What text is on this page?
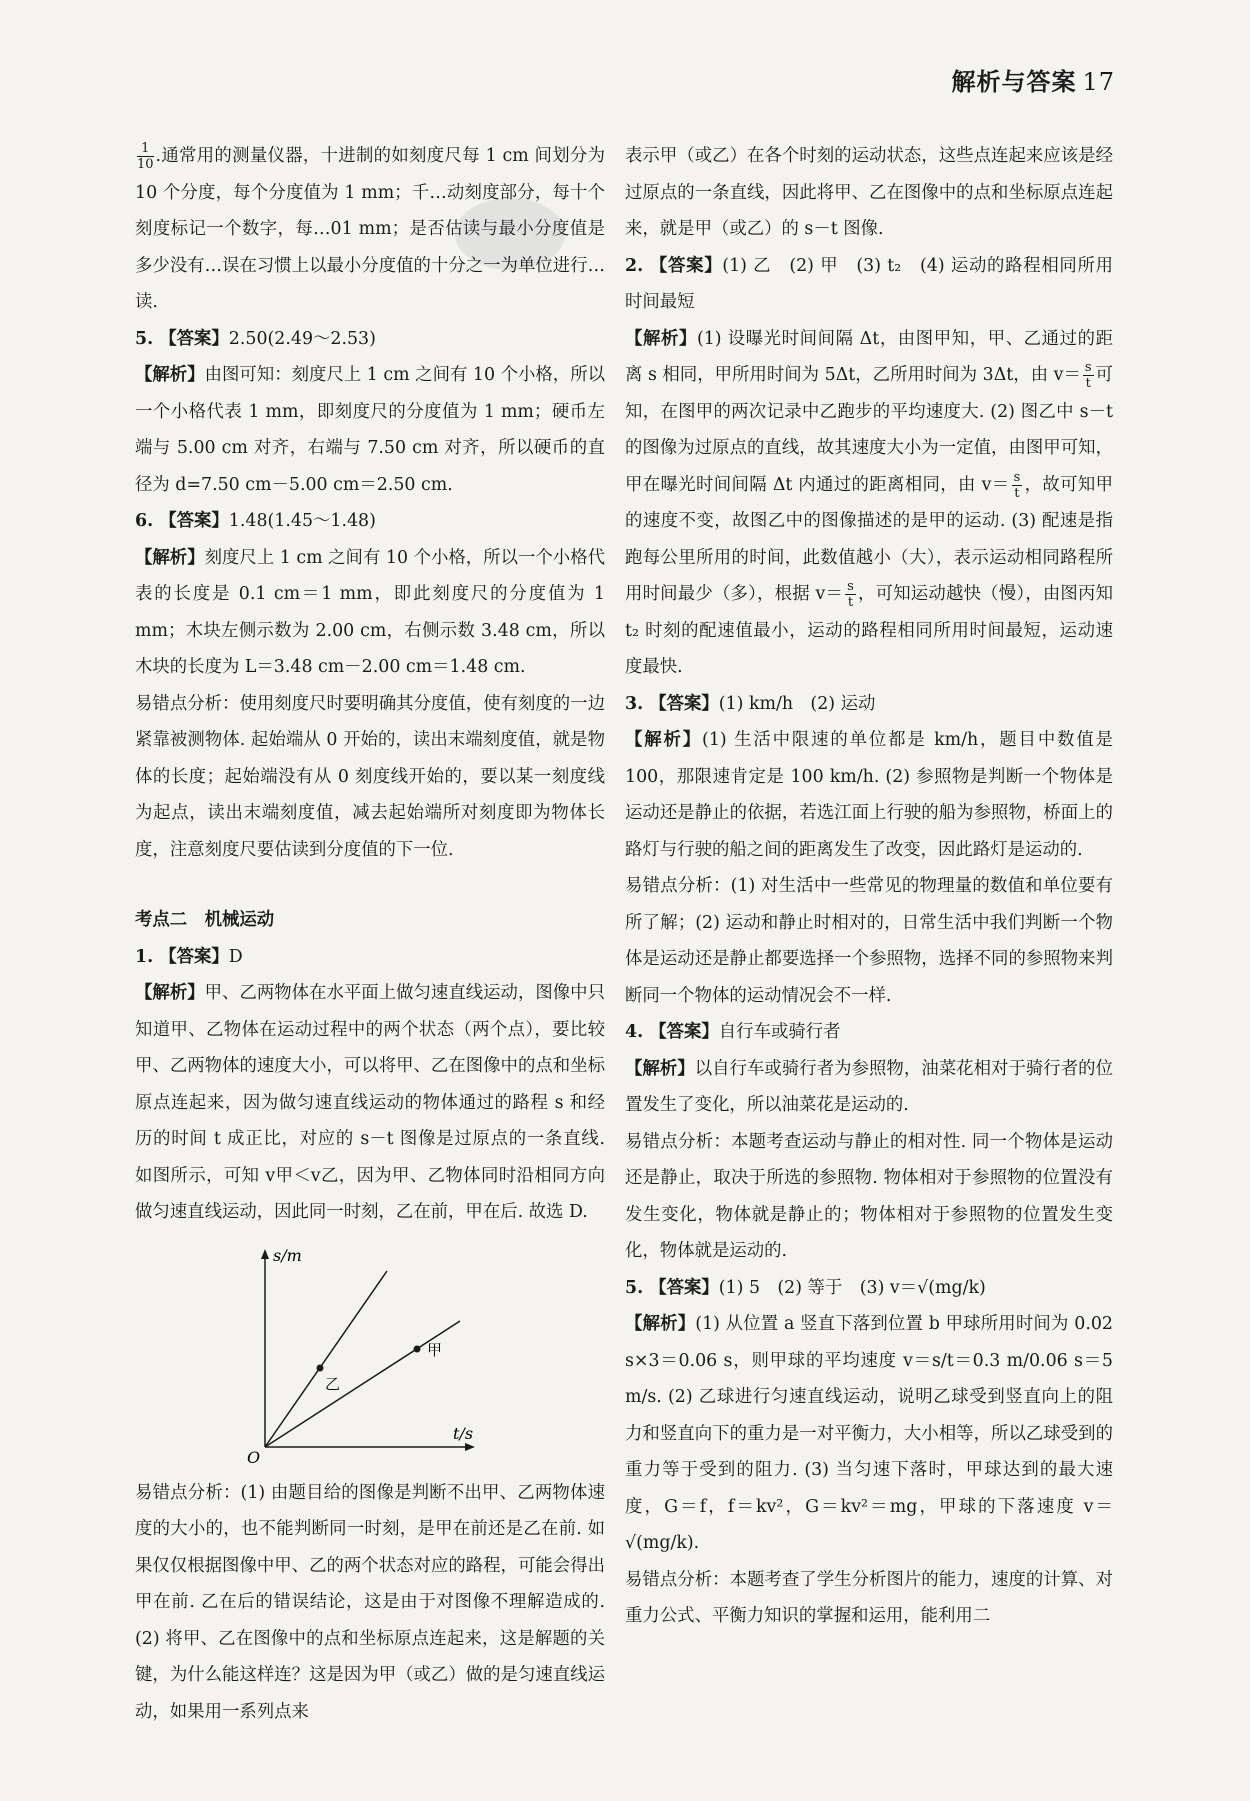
解析与答案 17

$\frac{1}{10}$ .通常用的测量仪器，十进制的如刻度尺每 1 cm 间划分为 10 个分度，每个分度值为 1 mm；千…动刻度部分，每十个刻度标记一个数字，每…01 mm；是否估读与最小分度值是多少没有…误在习惯上以最小分度值的十分之一为单位进行…读.

5. 【答案】2.50(2.49～2.53)

【解析】由图可知：刻度尺上 1 cm 之间有 10 个小格，所以一个小格代表 1 mm，即刻度尺的分度值为 1 mm；硬币左端与 5.00 cm 对齐，右端与 7.50 cm 对齐，所以硬币的直径为 d=7.50 cm－5.00 cm＝2.50 cm.

6. 【答案】1.48(1.45～1.48)

【解析】刻度尺上 1 cm 之间有 10 个小格，所以一个小格代表的长度是 0.1 cm＝1 mm，即此刻度尺的分度值为 1 mm；木块左侧示数为 2.00 cm，右侧示数 3.48 cm，所以木块的长度为 L＝3.48 cm－2.00 cm＝1.48 cm.

易错点分析：使用刻度尺时要明确其分度值，使有刻度的一边紧靠被测物体. 起始端从 0 开始的，读出末端刻度值，就是物体的长度；起始端没有从 0 刻度线开始的，要以某一刻度线为起点，读出末端刻度值，减去起始端所对刻度即为物体长度，注意刻度尺要估读到分度值的下一位.

考点二　机械运动

1. 【答案】D

【解析】甲、乙两物体在水平面上做匀速直线运动，图像中只知道甲、乙物体在运动过程中的两个状态（两个点），要比较甲、乙两物体的速度大小，可以将甲、乙在图像中的点和坐标原点连起来，因为做匀速直线运动的物体通过的路程 s 和经历的时间 t 成正比，对应的 s－t 图像是过原点的一条直线. 如图所示，可知 v甲＜v乙，因为甲、乙物体同时沿相同方向做匀速直线运动，因此同一时刻，乙在前，甲在后. 故选 D.

s/m
t/s
O
甲
乙

易错点分析：(1) 由题目给的图像是判断不出甲、乙两物体速度的大小的，也不能判断同一时刻，是甲在前还是乙在前. 如果仅仅根据图像中甲、乙的两个状态对应的路程，可能会得出甲在前. 乙在后的错误结论，这是由于对图像不理解造成的. (2) 将甲、乙在图像中的点和坐标原点连起来，这是解题的关键，为什么能这样连？这是因为甲（或乙）做的是匀速直线运动，如果用一系列点来

表示甲（或乙）在各个时刻的运动状态，这些点连起来应该是经过原点的一条直线，因此将甲、乙在图像中的点和坐标原点连起来，就是甲（或乙）的 s－t 图像.

2. 【答案】(1) 乙　(2) 甲　(3) t₂　(4) 运动的路程相同所用时间最短

【解析】(1) 设曝光时间间隔 Δt，由图甲知，甲、乙通过的距离 s 相同，甲所用时间为 5Δt，乙所用时间为 3Δt，由 $v= \frac{s}{t}$ 可知，在图甲的两次记录中乙跑步的平均速度大. (2) 图乙中 s－t 的图像为过原点的直线，故其速度大小为一定值，由图甲可知，甲在曝光时间间隔 Δt 内通过的距离相同，由 $v= \frac{s}{t}$ ，故可知甲的速度不变，故图乙中的图像描述的是甲的运动. (3) 配速是指跑每公里所用的时间，此数值越小（大），表示运动相同路程所用时间最少（多），根据 $v= \frac{s}{t}$ ，可知运动越快（慢），由图丙知 t₂ 时刻的配速值最小，运动的路程相同所用时间最短，运动速度最快.

3. 【答案】(1) km/h　(2) 运动

【解析】(1) 生活中限速的单位都是 km/h，题目中数值是 100，那限速肯定是 100 km/h. (2) 参照物是判断一个物体是运动还是静止的依据，若选江面上行驶的船为参照物，桥面上的路灯与行驶的船之间的距离发生了改变，因此路灯是运动的.

易错点分析：(1) 对生活中一些常见的物理量的数值和单位要有所了解；(2) 运动和静止时相对的，日常生活中我们判断一个物体是运动还是静止都要选择一个参照物，选择不同的参照物来判断同一个物体的运动情况会不一样.

4. 【答案】自行车或骑行者

【解析】以自行车或骑行者为参照物，油菜花相对于骑行者的位置发生了变化，所以油菜花是运动的.

易错点分析：本题考查运动与静止的相对性. 同一个物体是运动还是静止，取决于所选的参照物. 物体相对于参照物的位置没有发生变化，物体就是静止的；物体相对于参照物的位置发生变化，物体就是运动的.

5. 【答案】(1) 5　(2) 等于　(3) v＝√(mg/k)

【解析】(1) 从位置 a 竖直下落到位置 b 甲球所用时间为 0.02 s×3＝0.06 s，则甲球的平均速度 v＝s/t＝0.3 m/0.06 s＝5 m/s. (2) 乙球进行匀速直线运动，说明乙球受到竖直向上的阻力和竖直向下的重力是一对平衡力，大小相等，所以乙球受到的重力等于受到的阻力. (3) 当匀速下落时，甲球达到的最大速度，G＝f，f＝kv²，G＝kv²＝mg，甲球的下落速度 v＝√(mg/k).

易错点分析：本题考查了学生分析图片的能力，速度的计算、对重力公式、平衡力知识的掌握和运用，能利用二
